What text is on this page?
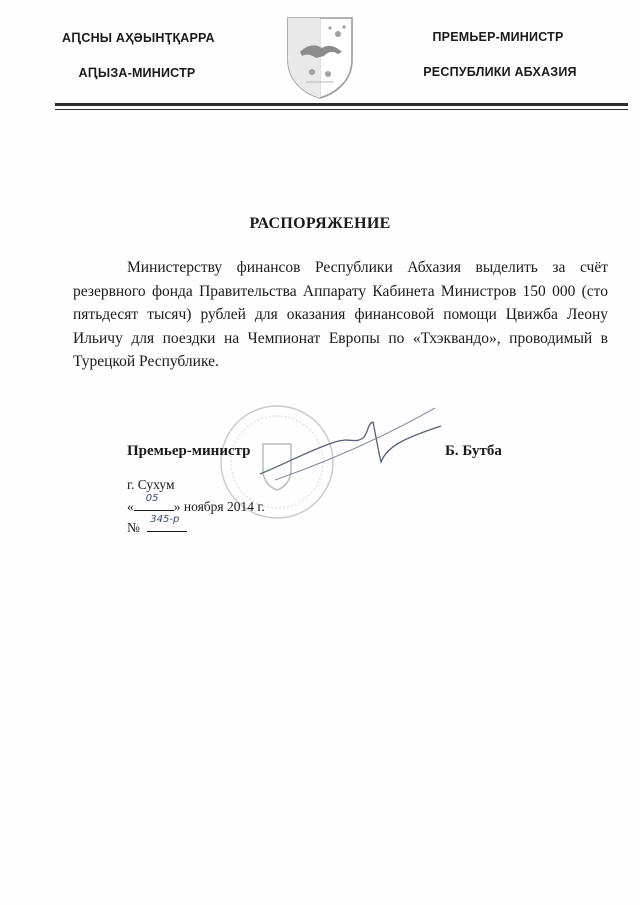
АԤСНЫ АҲӘЫНҬҚАРРА
АԤЫЗА-МИНИСТР
ПРЕМЬЕР-МИНИСТР
РЕСПУБЛИКИ АБХАЗИЯ
РАСПОРЯЖЕНИЕ

Министерству финансов Республики Абхазия выделить за счёт резервного фонда Правительства Аппарату Кабинета Министров 150 000 (сто пятьдесят тысяч) рублей для оказания финансовой помощи Цвижба Леону Ильичу для поездки на Чемпионат Европы по «Тхэквандо», проводимый в Турецкой Республике.

Премьер-министр	Б. Бутба
г. Сухум
«
05
» ноября 2014 г.
№
345-р
